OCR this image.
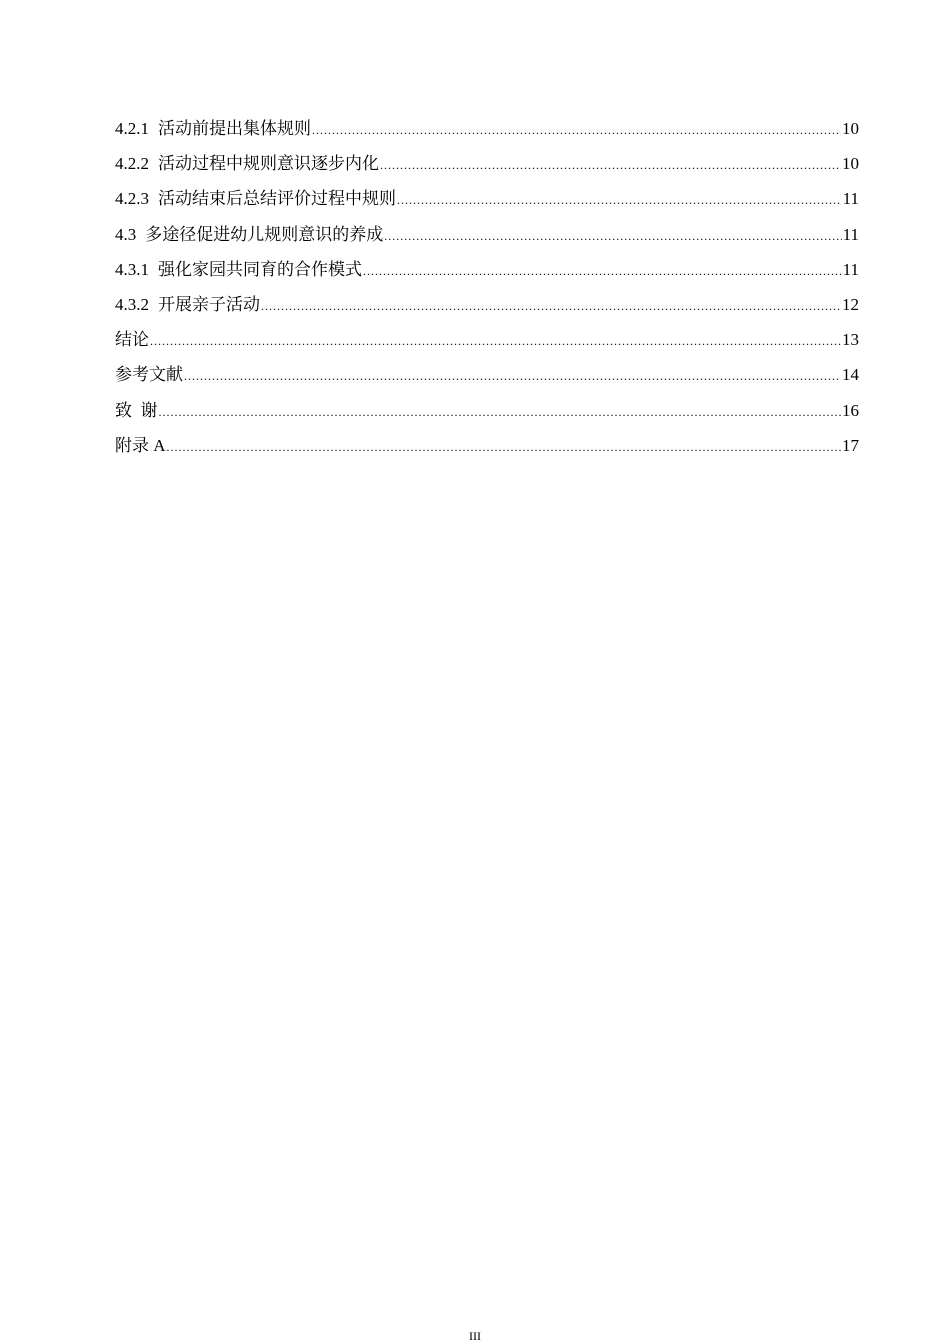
4.2.1 活动前提出集体规则 .....	10
4.2.2 活动过程中规则意识逐步内化 .....	10
4.2.3 活动结束后总结评价过程中规则 .....	11
4.3 多途径促进幼儿规则意识的养成 .....	11
4.3.1 强化家园共同育的合作模式 .....	11
4.3.2 开展亲子活动 .....	12
结论 .....	13
参考文献 .....	14
致  谢 .....	16
附录 A .....	17
III
